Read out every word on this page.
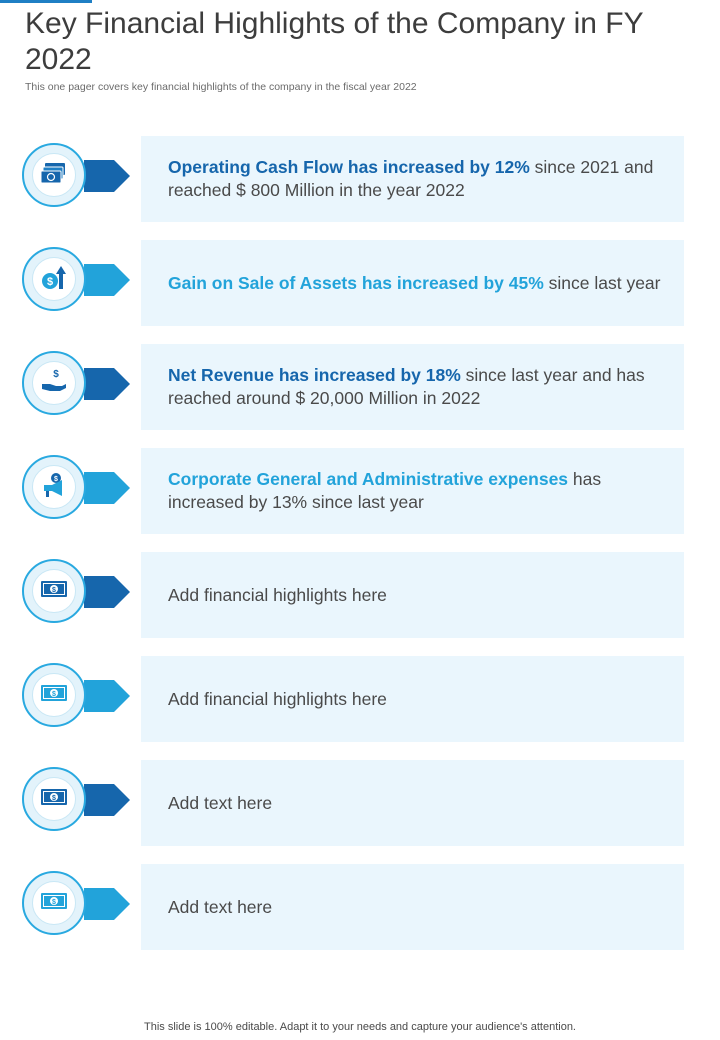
Key Financial Highlights of the Company in FY 2022

This one pager covers key financial highlights of the company in the fiscal year 2022

Operating Cash Flow has increased by 12% since 2021 and reached $ 800 Million in the year 2022
$	Gain on Sale of Assets has increased by 45% since last year
$	Net Revenue has increased by 18% since last year and has reached around $ 20,000 Million in 2022
$	Corporate General and Administrative expenses has increased by 13% since last year
$	Add financial highlights here
$	Add financial highlights here
$	Add text here
$	Add text here
This slide is 100% editable. Adapt it to your needs and capture your audience's attention.
